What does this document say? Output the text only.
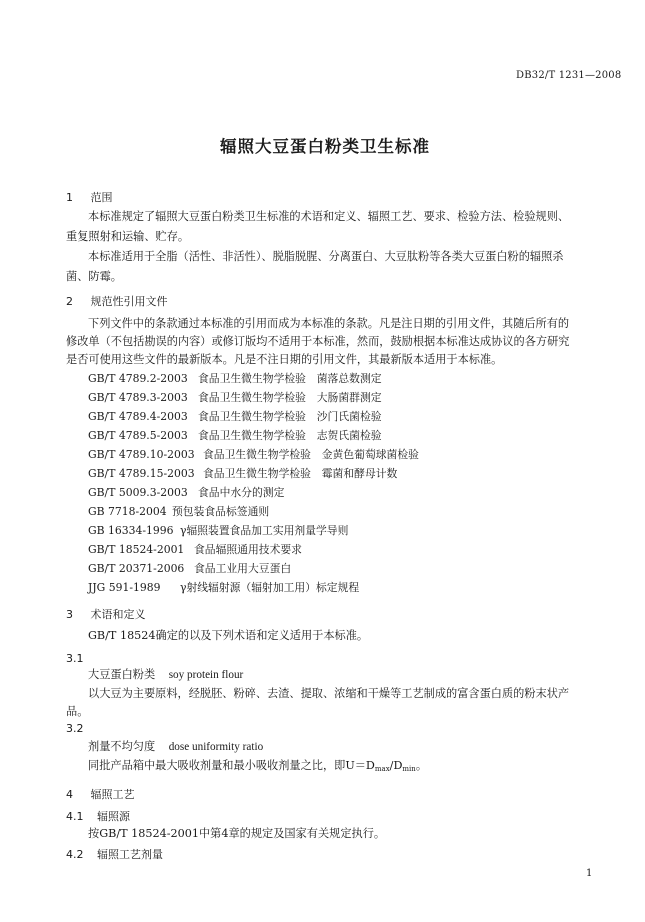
DB32/T 1231—2008
辐照大豆蛋白粉类卫生标准
1 范围
本标准规定了辐照大豆蛋白粉类卫生标准的术语和定义、辐照工艺、要求、检验方法、检验规则、
重复照射和运输、贮存。
本标准适用于全脂（活性、非活性）、脱脂脱腥、分离蛋白、大豆肽粉等各类大豆蛋白粉的辐照杀
菌、防霉。
2 规范性引用文件
下列文件中的条款通过本标准的引用而成为本标准的条款。凡是注日期的引用文件，其随后所有的
修改单（不包括勘误的内容）或修订版均不适用于本标准，然而，鼓励根据本标准达成协议的各方研究
是否可使用这些文件的最新版本。凡是不注日期的引用文件，其最新版本适用于本标准。
GB/T 4789.2-2003 食品卫生微生物学检验　菌落总数测定
GB/T 4789.3-2003 食品卫生微生物学检验　大肠菌群测定
GB/T 4789.4-2003 食品卫生微生物学检验　沙门氏菌检验
GB/T 4789.5-2003 食品卫生微生物学检验　志贺氏菌检验
GB/T 4789.10-2003 食品卫生微生物学检验　金黄色葡萄球菌检验
GB/T 4789.15-2003 食品卫生微生物学检验　霉菌和酵母计数
GB/T 5009.3-2003 食品中水分的测定
GB 7718-2004 预包装食品标签通则
GB 16334-1996 γ辐照装置食品加工实用剂量学导则
GB/T 18524-2001 食品辐照通用技术要求
GB/T 20371-2006 食品工业用大豆蛋白
JJG 591-1989 γ射线辐射源（辐射加工用）标定规程
3 术语和定义
GB/T 18524确定的以及下列术语和定义适用于本标准。
3.1
大豆蛋白粉类 soy protein flour
以大豆为主要原料，经脱胚、粉碎、去渣、提取、浓缩和干燥等工艺制成的富含蛋白质的粉末状产
品。
3.2
剂量不均匀度 dose uniformity ratio
同批产品箱中最大吸收剂量和最小吸收剂量之比，即$U=D_{max}/D_{min}$。
4 辐照工艺
4.1 辐照源
按GB/T 18524-2001中第4章的规定及国家有关规定执行。
4.2 辐照工艺剂量
1
